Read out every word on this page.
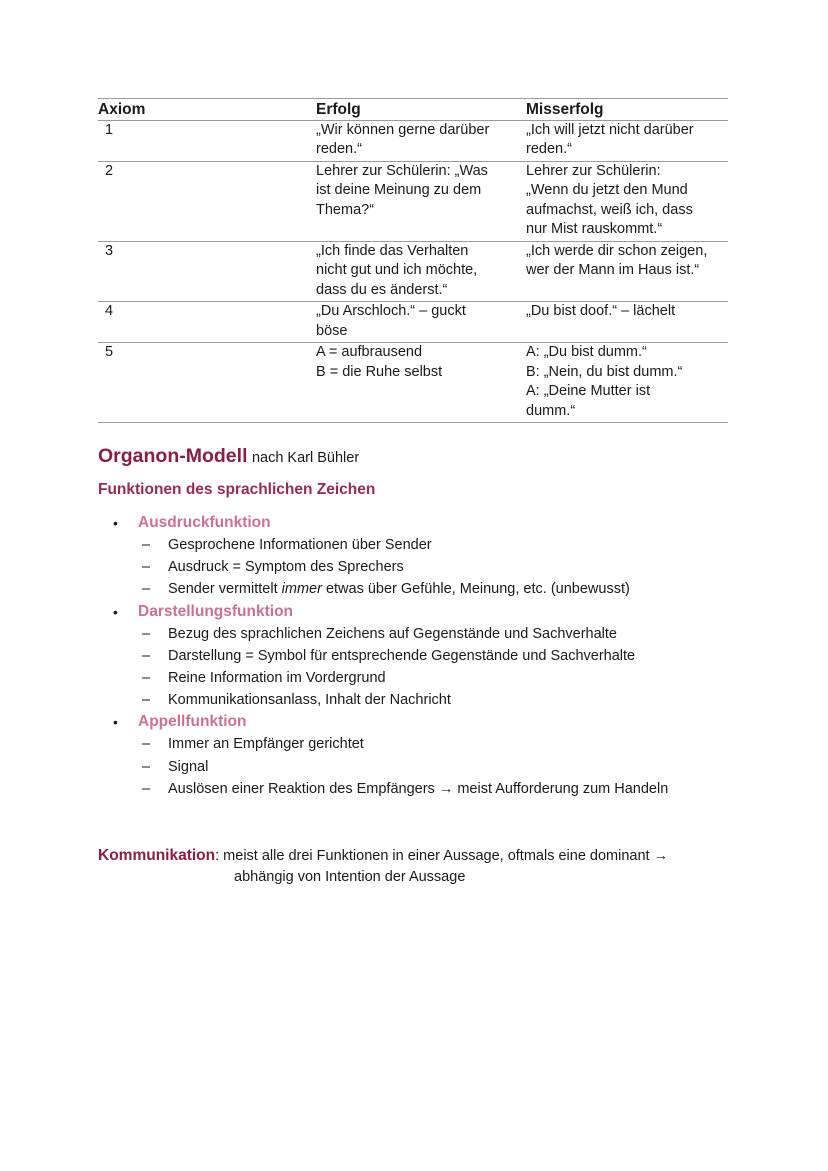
Axiom	Erfolg	Misserfolg
1	„Wir können gerne darüber
reden.“	„Ich will jetzt nicht darüber
reden.“

2	Lehrer zur Schülerin: „Was
ist deine Meinung zu dem
Thema?“	Lehrer zur Schülerin:
„Wenn du jetzt den Mund
aufmachst, weiß ich, dass
nur Mist rauskommt.“

3	„Ich finde das Verhalten
nicht gut und ich möchte,
dass du es änderst.“	„Ich werde dir schon zeigen,
wer der Mann im Haus ist.“

4	„Du Arschloch.“ – guckt
böse	„Du bist doof.“ – lächelt

5	A = aufbrausend
B = die Ruhe selbst	A: „Du bist dumm.“
B: „Nein, du bist dumm.“
A: „Deine Mutter ist
dumm.“
Organon-Modell nach Karl Bühler
Funktionen des sprachlichen Zeichen
• Ausdruckfunktion
– Gesprochene Informationen über Sender
– Ausdruck = Symptom des Sprechers
– Sender vermittelt immer etwas über Gefühle, Meinung, etc. (unbewusst)
• Darstellungsfunktion
– Bezug des sprachlichen Zeichens auf Gegenstände und Sachverhalte
– Darstellung = Symbol für entsprechende Gegenstände und Sachverhalte
– Reine Information im Vordergrund
– Kommunikationsanlass, Inhalt der Nachricht
• Appellfunktion
– Immer an Empfänger gerichtet
– Signal
– Auslösen einer Reaktion des Empfängers → meist Aufforderung zum Handeln
Kommunikation: meist alle drei Funktionen in einer Aussage, oftmals eine dominant →
abhängig von Intention der Aussage
